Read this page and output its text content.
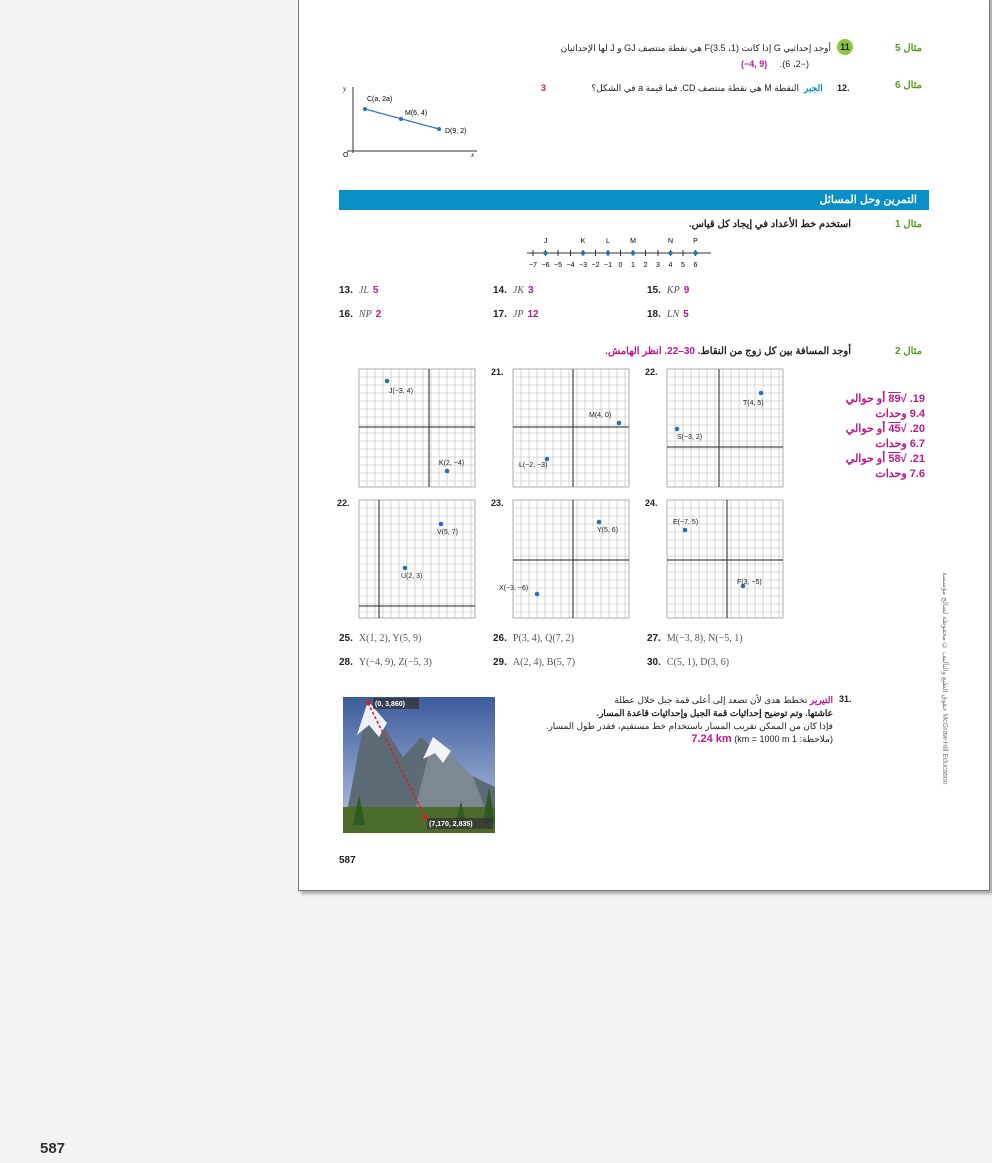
مثال 5
11
أوجد إحداثيي G إذا كانت (1، 3.5)F هي نقطة منتصف GJ و J لها الإحداثيان
(−2، 6).
(−4, 9)
مثال 6
12.
الجبر
النقطة M هي نقطة منتصف CD. فما قيمة a في الشكل؟
3
C(a, 2a)
M(6, 4)
D(9, 2)
y
x
O
التمرين وحل المسائل
مثال 1
استخدم خط الأعداد في إيجاد كل قياس.
−7 −6 −5 −4 −3 −2 −1 0 1 2 3 4 5 6
J	K	L	M	N	P
13. JL 5	14. JK 3	15. KP 9
16. NP 2	17. JP 12	18. LN 5
مثال 2
أوجد المسافة بين كل زوج من النقاط. 30–22. انظر الهامش.
J(−3, 4)
K(2, −4)
21.
M(4, 0)
L(−2, −3)
22.
T(4, 5)
S(−3, 2)
22.
V(5, 7)
U(2, 3)
23.
Y(5, 6)
X(−3, −6)
24.
E(−7, 5)
F(3, −5)
19. √89 أو حوالي
9.4 وحدات
20. √45 أو حوالي
6.7 وحدات
21. √58 أو حوالي
7.6 وحدات
25. X(1, 2), Y(5, 9)	26. P(3, 4), Q(7, 2)	27. M(−3, 8), N(−5, 1)
28. Y(−4, 9), Z(−5, 3)	29. A(2, 4), B(5, 7)	30. C(5, 1), D(3, 6)
(0, 3,860)
(7,170, 2,835)
31.
التيرير تخطط هدى لأن تصعد إلى أعلى قمة جبل خلال عطلة
عاشتها. وتم توضيح إحداثيات قمة الجبل وإحداثيات قاعدة المسار.
فإذا كان من الممكن تقريب المسار باستخدام خط مستقيم، فقدر طول المسار.
(ملاحظة: 1 km = 1000 m) 7.24 km
حقوق الطبع والتأليف © محفوظة لصالح مؤسسة McGraw-Hill Education
587
587
